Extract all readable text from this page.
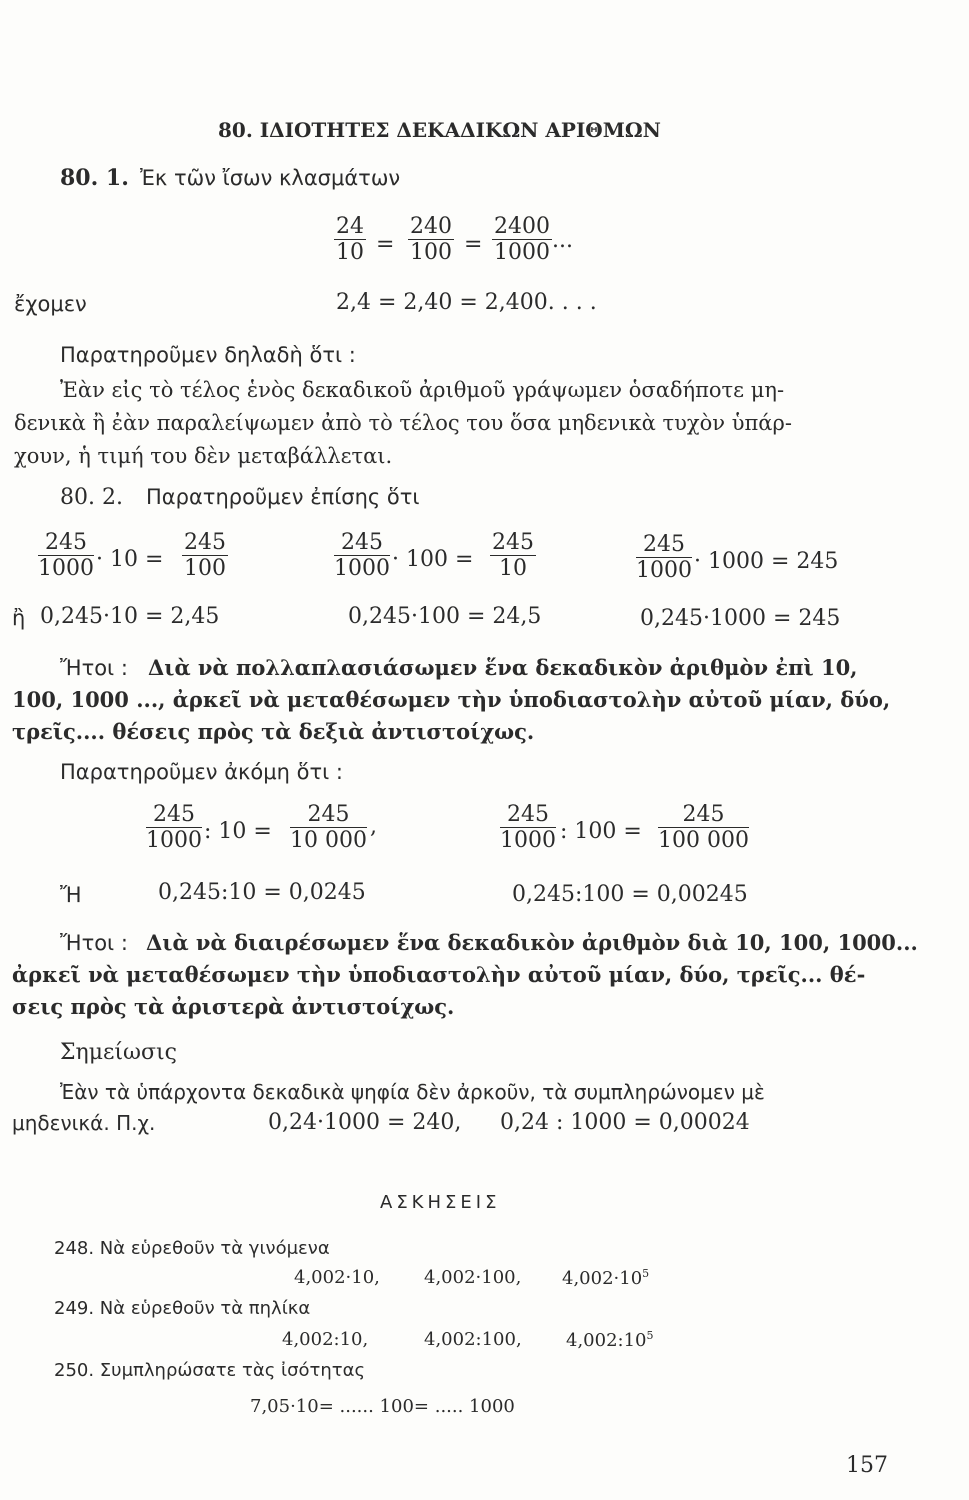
80. ΙΔΙΟΤΗΤΕΣ ΔΕΚΑΔΙΚΩΝ ΑΡΙΘΜΩΝ
80. 1. Ἐκ τῶν ἴσων κλασμάτων
$\frac{24}{10} = \frac{240}{100} = \frac{2400}{1000}$ ...
ἔχομεν	2,4 = 2,40 = 2,400. . . .
Παρατηροῦμεν δηλαδὴ ὅτι :
Ἐὰν εἰς τὸ τέλος ἑνὸς δεκαδικοῦ ἀριθμοῦ γράψωμεν ὁσαδήποτε μη-
δενικὰ ἢ ἐὰν παραλείψωμεν ἀπὸ τὸ τέλος του ὅσα μηδενικὰ τυχὸν ὑπάρ-
χουν, ἡ τιμή του δὲν μεταβάλλεται.
80. 2. Παρατηροῦμεν ἐπίσης ὅτι
$\frac{245}{1000} \cdot 10 = \frac{245}{100}$	$\frac{245}{1000} \cdot 100 = \frac{245}{10}$	$\frac{245}{1000} \cdot 1000 = 245$
ἢ 0,245·10 = 2,45	0,245·100 = 24,5	0,245·1000 = 245
Ἤτοι : Διὰ νὰ πολλαπλασιάσωμεν ἕνα δεκαδικὸν ἀριθμὸν ἐπὶ 10,
100, 1000 ..., ἀρκεῖ νὰ μεταθέσωμεν τὴν ὑποδιαστολὴν αὐτοῦ μίαν, δύο,
τρεῖς.... θέσεις πρὸς τὰ δεξιὰ ἀντιστοίχως.
Παρατηροῦμεν ἀκόμη ὅτι :
$\frac{245}{1000}$ : $10 = \frac{245}{10 000}$ ,	$\frac{245}{1000}$ : $100 = \frac{245}{100 000}$
Ἤ	0,245:10 = 0,0245	0,245:100 = 0,00245
Ἤτοι : Διὰ νὰ διαιρέσωμεν ἕνα δεκαδικὸν ἀριθμὸν διὰ 10, 100, 1000...
ἀρκεῖ νὰ μεταθέσωμεν τὴν ὑποδιαστολὴν αὐτοῦ μίαν, δύο, τρεῖς... θέ-
σεις πρὸς τὰ ἀριστερὰ ἀντιστοίχως.
Σημείωσις
Ἐὰν τὰ ὑπάρχοντα δεκαδικὰ ψηφία δὲν ἀρκοῦν, τὰ συμπληρώνομεν μὲ
μηδενικά. Π.χ.	0,24·1000 = 240, 0,24 : 1000 = 0,00024
ΑΣΚΗΣΕΙΣ
248. Νὰ εὑρεθοῦν τὰ γινόμενα
4,002·10, 4,002·100, $4,002\cdot 10^5$
249. Νὰ εὑρεθοῦν τὰ πηλίκα
4,002:10,	4,002:100, $4,002:10^5$
250. Συμπληρώσατε τὰς ἰσότητας
7,05·10= ...... 100= ..... 1000
157
